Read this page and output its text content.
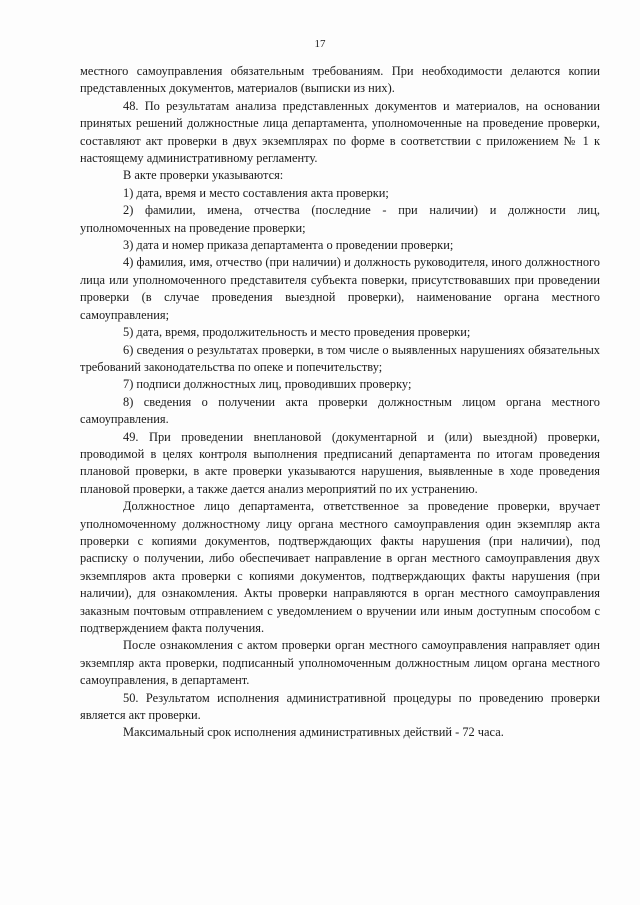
17

местного самоуправления обязательным требованиям. При необходимости делаются копии представленных документов, материалов (выписки из них).

48. По результатам анализа представленных документов и материалов, на основании принятых решений должностные лица департамента, уполномоченные на проведение проверки, составляют акт проверки в двух экземплярах по форме в соответствии с приложением № 1 к настоящему административному регламенту.

В акте проверки указываются:

1) дата, время и место составления акта проверки;

2) фамилии, имена, отчества (последние - при наличии) и должности лиц, уполномоченных на проведение проверки;

3) дата и номер приказа департамента о проведении проверки;

4) фамилия, имя, отчество (при наличии) и должность руководителя, иного должностного лица или уполномоченного представителя субъекта поверки, присутствовавших при проведении проверки (в случае проведения выездной проверки), наименование органа местного самоуправления;

5) дата, время, продолжительность и место проведения проверки;

6) сведения о результатах проверки, в том числе о выявленных нарушениях обязательных требований законодательства по опеке и попечительству;

7) подписи должностных лиц, проводивших проверку;

8) сведения о получении акта проверки должностным лицом органа местного самоуправления.

49. При проведении внеплановой (документарной и (или) выездной) проверки, проводимой в целях контроля выполнения предписаний департамента по итогам проведения плановой проверки, в акте проверки указываются нарушения, выявленные в ходе проведения плановой проверки, а также дается анализ мероприятий по их устранению.

Должностное лицо департамента, ответственное за проведение проверки, вручает уполномоченному должностному лицу органа местного самоуправления один экземпляр акта проверки с копиями документов, подтверждающих факты нарушения (при наличии), под расписку о получении, либо обеспечивает направление в орган местного самоуправления двух экземпляров акта проверки с копиями документов, подтверждающих факты нарушения (при наличии), для ознакомления. Акты проверки направляются в орган местного самоуправления заказным почтовым отправлением с уведомлением о вручении или иным доступным способом с подтверждением факта получения.

После ознакомления с актом проверки орган местного самоуправления направляет один экземпляр акта проверки, подписанный уполномоченным должностным лицом органа местного самоуправления, в департамент.

50. Результатом исполнения административной процедуры по проведению проверки является акт проверки.

Максимальный срок исполнения административных действий - 72 часа.
